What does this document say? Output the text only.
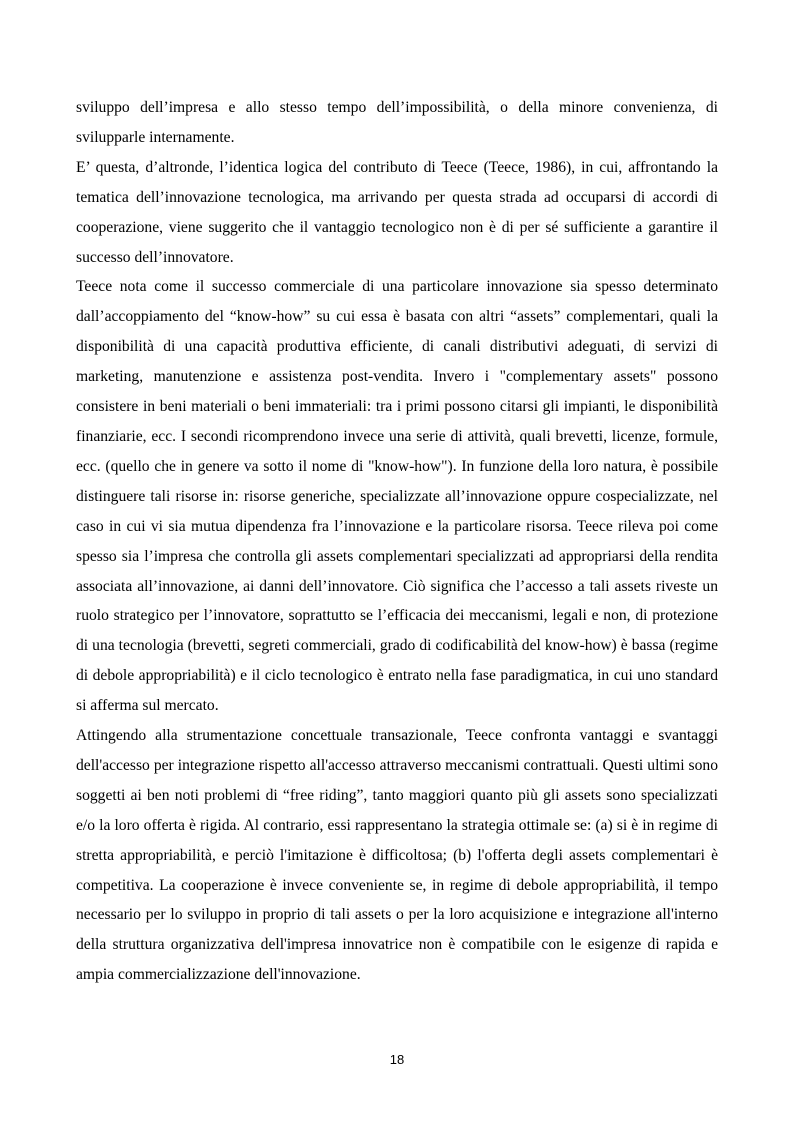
sviluppo dell’impresa e allo stesso tempo dell’impossibilità, o della minore convenienza, di svilupparle internamente.

E’ questa, d’altronde, l’identica logica del contributo di Teece (Teece, 1986), in cui, affrontando la tematica dell’innovazione tecnologica, ma arrivando per questa strada ad occuparsi di accordi di cooperazione, viene suggerito che il vantaggio tecnologico non è di per sé sufficiente a garantire il successo dell’innovatore.

Teece nota come il successo commerciale di una particolare innovazione sia spesso determinato dall’accoppiamento del “know-how” su cui essa è basata con altri “assets” complementari, quali la disponibilità di una capacità produttiva efficiente, di canali distributivi adeguati, di servizi di marketing, manutenzione e assistenza post-vendita. Invero i "complementary assets" possono consistere in beni materiali o beni immateriali: tra i primi possono citarsi gli impianti, le disponibilità finanziarie, ecc. I secondi ricomprendono invece una serie di attività, quali brevetti, licenze, formule, ecc. (quello che in genere va sotto il nome di "know-how"). In funzione della loro natura, è possibile distinguere tali risorse in: risorse generiche, specializzate all’innovazione oppure cospecializzate, nel caso in cui vi sia mutua dipendenza fra l’innovazione e la particolare risorsa. Teece rileva poi come spesso sia l’impresa che controlla gli assets complementari specializzati ad appropriarsi della rendita associata all’innovazione, ai danni dell’innovatore. Ciò significa che l’accesso a tali assets riveste un ruolo strategico per l’innovatore, soprattutto se l’efficacia dei meccanismi, legali e non, di protezione di una tecnologia (brevetti, segreti commerciali, grado di codificabilità del know-how) è bassa (regime di debole appropriabilità) e il ciclo tecnologico è entrato nella fase paradigmatica, in cui uno standard si afferma sul mercato.

Attingendo alla strumentazione concettuale transazionale, Teece confronta vantaggi e svantaggi dell'accesso per integrazione rispetto all'accesso attraverso meccanismi contrattuali. Questi ultimi sono soggetti ai ben noti problemi di “free riding”, tanto maggiori quanto più gli assets sono specializzati e/o la loro offerta è rigida. Al contrario, essi rappresentano la strategia ottimale se: (a) si è in regime di stretta appropriabilità, e perciò l'imitazione è difficoltosa; (b) l'offerta degli assets complementari è competitiva. La cooperazione è invece conveniente se, in regime di debole appropriabilità, il tempo necessario per lo sviluppo in proprio di tali assets o per la loro acquisizione e integrazione all'interno della struttura organizzativa dell'impresa innovatrice non è compatibile con le esigenze di rapida e ampia commercializzazione dell'innovazione.

18
